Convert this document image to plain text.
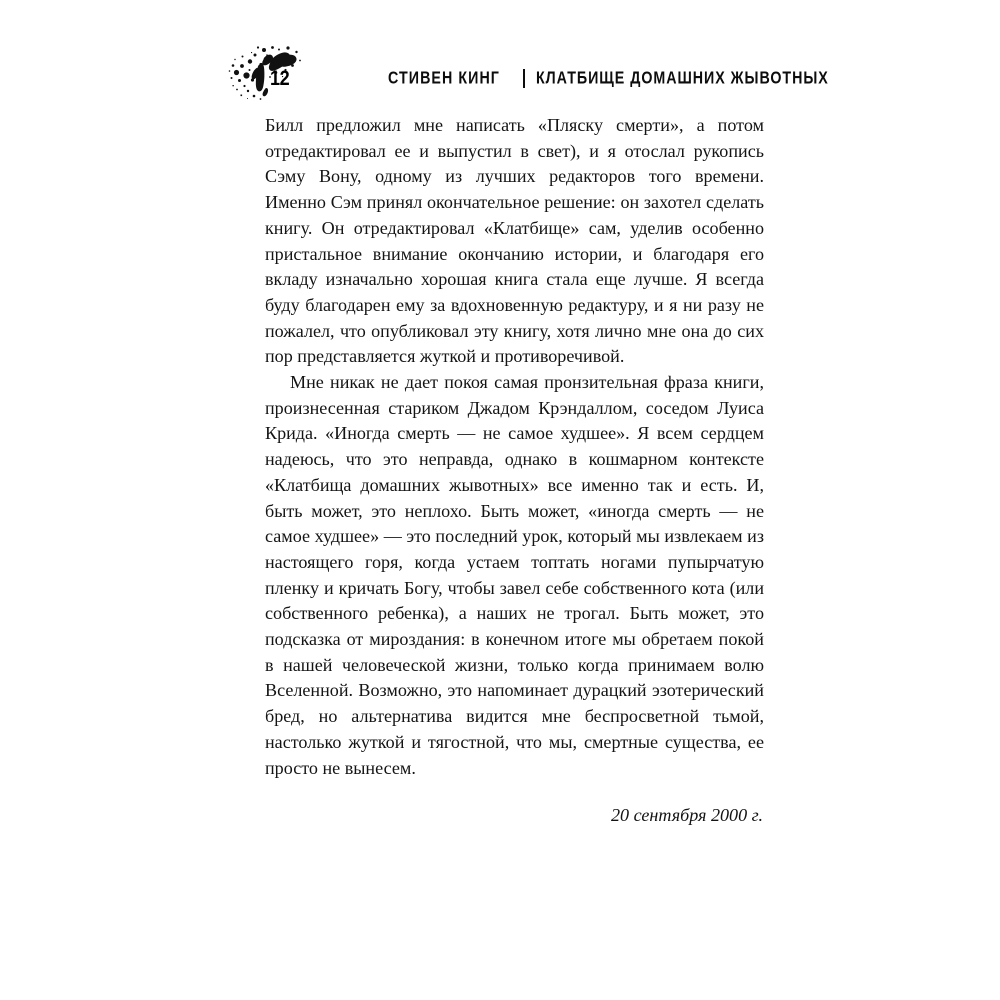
12	СТИВЕН КИНГ КЛАТБИЩЕ ДОМАШНИХ ЖЫВОТНЫХ

Билл предложил мне написать «Пляску смерти», а потом отредактировал ее и выпустил в свет), и я отослал рукопись Сэму Вону, одному из лучших редакторов того времени. Именно Сэм принял окончательное решение: он захотел сделать книгу. Он отредактировал «Клатбище» сам, уделив особенно пристальное внимание окончанию истории, и благодаря его вкладу изначально хорошая книга стала еще лучше. Я всегда буду благодарен ему за вдохновенную редактуру, и я ни разу не пожалел, что опубликовал эту книгу, хотя лично мне она до сих пор представляется жуткой и противоречивой.

Мне никак не дает покоя самая пронзительная фраза книги, произнесенная стариком Джадом Крэндаллом, соседом Луиса Крида. «Иногда смерть — не самое худшее». Я всем сердцем надеюсь, что это неправда, однако в кошмарном контексте «Клатбища домашних жывотных» все именно так и есть. И, быть может, это неплохо. Быть может, «иногда смерть — не самое худшее» — это последний урок, который мы извлекаем из настоящего горя, когда устаем топтать ногами пупырчатую пленку и кричать Богу, чтобы завел себе собственного кота (или собственного ребенка), а наших не трогал. Быть может, это подсказка от мироздания: в конечном итоге мы обретаем покой в нашей человеческой жизни, только когда принимаем волю Вселенной. Возможно, это напоминает дурацкий эзотерический бред, но альтернатива видится мне беспросветной тьмой, настолько жуткой и тягостной, что мы, смертные существа, ее просто не вынесем.

20 сентября 2000 г.
